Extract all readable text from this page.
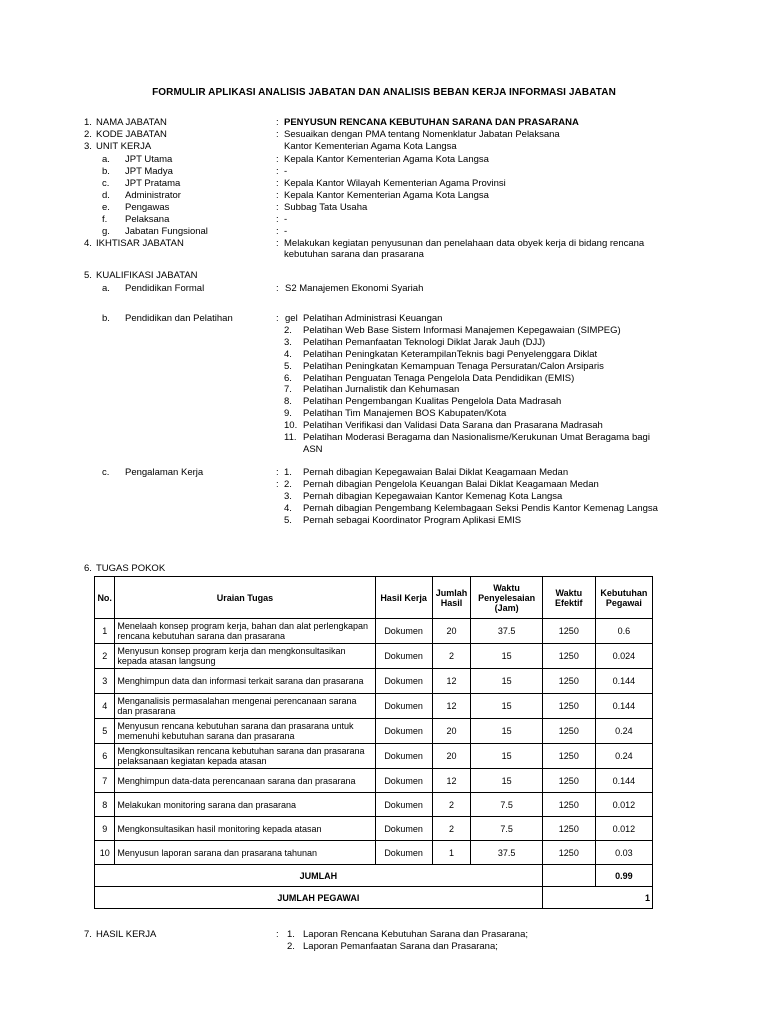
FORMULIR APLIKASI ANALISIS JABATAN DAN ANALISIS BEBAN KERJA INFORMASI JABATAN
1. NAMA JABATAN	: PENYUSUN RENCANA KEBUTUHAN SARANA DAN PRASARANA
2. KODE JABATAN	: Sesuaikan dengan PMA tentang Nomenklatur Jabatan Pelaksana
Kantor Kementerian Agama Kota Langsa
3. UNIT KERJA
a. JPT Utama	: Kepala Kantor Kementerian Agama Kota Langsa
b. JPT Madya	: -
c. JPT Pratama	: Kepala Kantor Wilayah Kementerian Agama Provinsi
d. Administrator	: Kepala Kantor Kementerian Agama Kota Langsa
e. Pengawas	: Subbag Tata Usaha
f. Pelaksana	: -
g. Jabatan Fungsional	: -
4. IKHTISAR JABATAN	: Melakukan kegiatan penyusunan dan penelahaan data obyek kerja di bidang rencana
kebutuhan sarana dan prasarana
5. KUALIFIKASI JABATAN
a. Pendidikan Formal	: S2 Manajemen Ekonomi Syariah
b. Pendidikan dan Pelatihan	: gel Pelatihan Administrasi Keuangan
2. Pelatihan Web Base Sistem Informasi Manajemen Kepegawaian (SIMPEG)
3. Pelatihan Pemanfaatan Teknologi Diklat Jarak Jauh (DJJ)
4. Pelatihan Peningkatan KeterampilanTeknis bagi Penyelenggara Diklat
5. Pelatihan Peningkatan Kemampuan Tenaga Persuratan/Calon Arsiparis
6. Pelatihan Penguatan Tenaga Pengelola Data Pendidikan (EMIS)
7. Pelatihan Jurnalistik dan Kehumasan
8. Pelatihan Pengembangan Kualitas Pengelola Data Madrasah
9. Pelatihan Tim Manajemen BOS Kabupaten/Kota
10. Pelatihan Verifikasi dan Validasi Data Sarana dan Prasarana Madrasah
11. Pelatihan Moderasi Beragama dan Nasionalisme/Kerukunan Umat Beragama bagi
ASN
c. Pengalaman Kerja	: 1. Pernah dibagian Kepegawaian Balai Diklat Keagamaan Medan
: 2. Pernah dibagian Pengelola Keuangan Balai Diklat Keagamaan Medan
3. Pernah dibagian Kepegawaian Kantor Kemenag Kota Langsa
4. Pernah dibagian Pengembang Kelembagaan Seksi Pendis Kantor Kemenag Langsa
5. Pernah sebagai Koordinator Program Aplikasi EMIS
6. TUGAS POKOK
No.	Uraian Tugas	Hasil Kerja	Jumlah Hasil	Waktu Penyelesaian (Jam)	Waktu Efektif	Kebutuhan Pegawai
1	Menelaah konsep program kerja, bahan dan alat perlengkapan rencana kebutuhan sarana dan prasarana	Dokumen	20	37.5	1250	0.6
2	Menyusun konsep program kerja dan mengkonsultasikan kepada atasan langsung	Dokumen	2	15	1250	0.024
3	Menghimpun data dan informasi terkait sarana dan prasarana	Dokumen	12	15	1250	0.144
4	Menganalisis permasalahan mengenai perencanaan sarana dan prasarana	Dokumen	12	15	1250	0.144
5	Menyusun rencana kebutuhan sarana dan prasarana untuk memenuhi kebutuhan sarana dan prasarana	Dokumen	20	15	1250	0.24
6	Mengkonsultasikan rencana kebutuhan sarana dan prasarana pelaksanaan kegiatan kepada atasan	Dokumen	20	15	1250	0.24
7	Menghimpun data-data perencanaan sarana dan prasarana	Dokumen	12	15	1250	0.144
8	Melakukan monitoring sarana dan prasarana	Dokumen	2	7.5	1250	0.012
9	Mengkonsultasikan hasil monitoring kepada atasan	Dokumen	2	7.5	1250	0.012
10	Menyusun laporan sarana dan prasarana tahunan	Dokumen	1	37.5	1250	0.03
JUMLAH						0.99
JUMLAH PEGAWAI					1	
7. HASIL KERJA	: 1. Laporan Rencana Kebutuhan Sarana dan Prasarana;
2. Laporan Pemanfaatan Sarana dan Prasarana;
